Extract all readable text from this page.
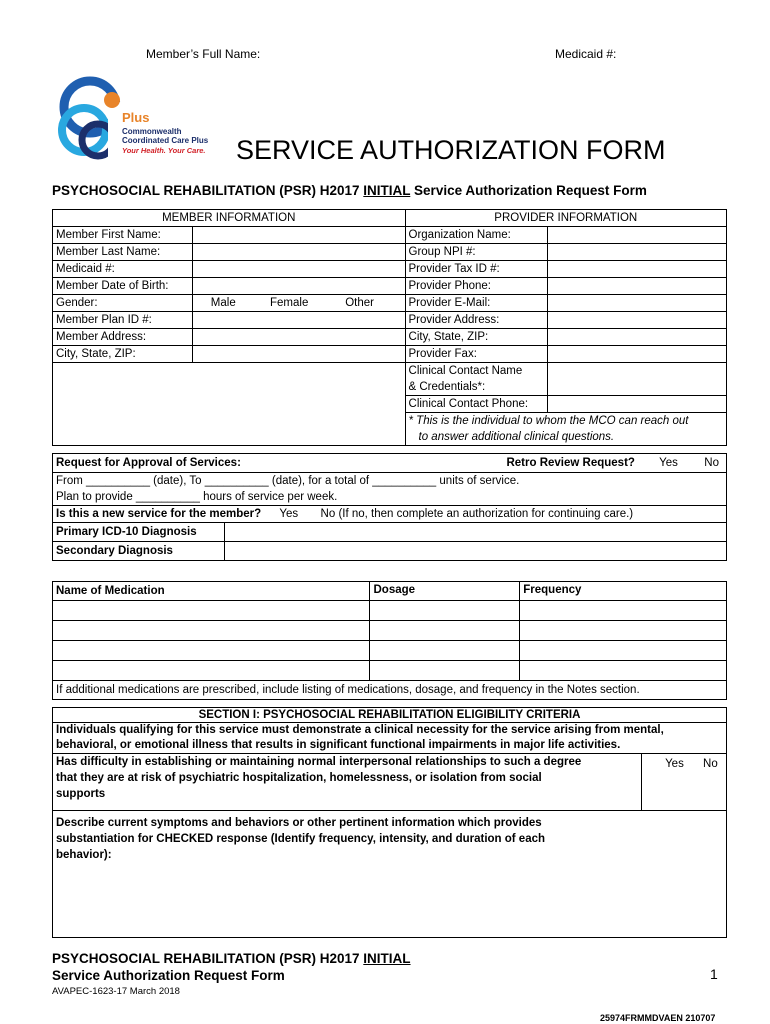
Member’s Full Name:	Medicaid #:
Plus
Commonwealth
Coordinated Care Plus
Your Health. Your Care. SERVICE AUTHORIZATION FORM
PSYCHOSOCIAL REHABILITATION (PSR) H2017 INITIAL Service Authorization Request Form
MEMBER INFORMATION		PROVIDER INFORMATION	
Member First Name:		Organization Name:	
Member Last Name:		Group NPI #:	
Medicaid #:		Provider Tax ID #:	
Member Date of Birth:		Provider Phone:	
Gender:	Male Female Other	Provider E-Mail:	
Member Plan ID #:		Provider Address:	
Member Address:		City, State, ZIP:	
City, State, ZIP:		Provider Fax:	

		Clinical Contact Name
& Credentials*:	

		Clinical Contact Phone:	

		* This is the individual to whom the MCO can reach out
to answer additional clinical questions.	
Request for Approval of Services: Retro Review Request? Yes No	

From __________ (date), To __________ (date), for a total of __________ units of service.
Plan to provide __________ hours of service per week.	

Is this a new service for the member? Yes No (If no, then complete an authorization for continuing care.)	
Primary ICD-10 Diagnosis	
Secondary Diagnosis	
Name of Medication	Dosage	Frequency

If additional medications are prescribed, include listing of medications, dosage, and frequency in the Notes section.		
SECTION I: PSYCHOSOCIAL REHABILITATION ELIGIBILITY CRITERIA

Individuals qualifying for this service must demonstrate a clinical necessity for the service arising from mental,
behavioral, or emotional illness that results in significant functional impairments in major life activities.

Has difficulty in establishing or maintaining normal interpersonal relationships to such a degree
that they are at risk of psychiatric hospitalization, homelessness, or isolation from social
supports
	Yes No

Describe current symptoms and behaviors or other pertinent information which provides
substantiation for CHECKED response (Identify frequency, intensity, and duration of each
behavior):
PSYCHOSOCIAL REHABILITATION (PSR) H2017 INITIAL
Service Authorization Request Form
AVAPEC-1623-17 March 2018
1
25974FRMMDVAEN 210707
